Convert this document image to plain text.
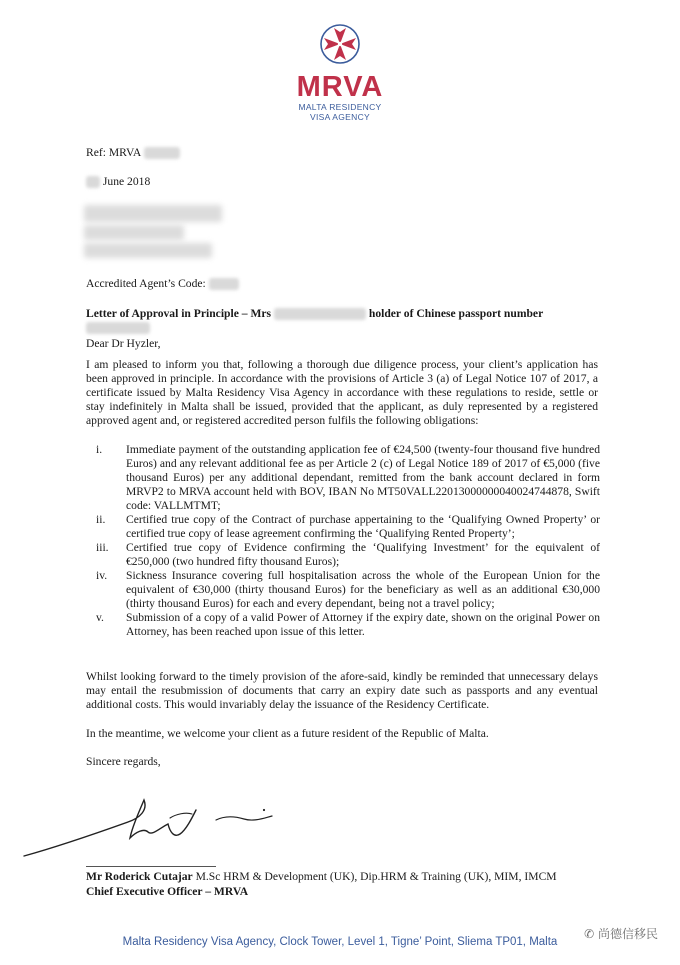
MRVA
MALTA RESIDENCY
VISA AGENCY
Ref: MRVA
June 2018
Accredited Agent’s Code:
Letter of Approval in Principle – Mrs	holder of Chinese passport number
Dear Dr Hyzler,
I am pleased to inform you that, following a thorough due diligence process, your client’s application has been approved in principle. In accordance with the provisions of Article 3 (a) of Legal Notice 107 of 2017, a certificate issued by Malta Residency Visa Agency in accordance with these regulations to reside, settle or stay indefinitely in Malta shall be issued, provided that the applicant, as duly represented by a registered approved agent and, or registered accredited person fulfils the following obligations:
i. Immediate payment of the outstanding application fee of €24,500 (twenty-four thousand five hundred Euros) and any relevant additional fee as per Article 2 (c) of Legal Notice 189 of 2017 of €5,000 (five thousand Euros) per any additional dependant, remitted from the bank account declared in form MRVP2 to MRVA account held with BOV, IBAN No MT50VALL22013000000040024744878, Swift code: VALLMTMT;
ii. Certified true copy of the Contract of purchase appertaining to the ‘Qualifying Owned Property’ or certified true copy of lease agreement confirming the ‘Qualifying Rented Property’;
iii. Certified true copy of Evidence confirming the ‘Qualifying Investment’ for the equivalent of €250,000 (two hundred fifty thousand Euros);
iv. Sickness Insurance covering full hospitalisation across the whole of the European Union for the equivalent of €30,000 (thirty thousand Euros) for the beneficiary as well as an additional €30,000 (thirty thousand Euros) for each and every dependant, being not a travel policy;
v. Submission of a copy of a valid Power of Attorney if the expiry date, shown on the original Power on Attorney, has been reached upon issue of this letter.
Whilst looking forward to the timely provision of the afore-said, kindly be reminded that unnecessary delays may entail the resubmission of documents that carry an expiry date such as passports and any eventual additional costs. This would invariably delay the issuance of the Residency Certificate.
In the meantime, we welcome your client as a future resident of the Republic of Malta.
Sincere regards,
Mr Roderick Cutajar M.Sc HRM & Development (UK), Dip.HRM & Training (UK), MIM, IMCM
Chief Executive Officer – MRVA
✆ 尚德信移民
Malta Residency Visa Agency, Clock Tower, Level 1, Tigne’ Point, Sliema TP01, Malta
